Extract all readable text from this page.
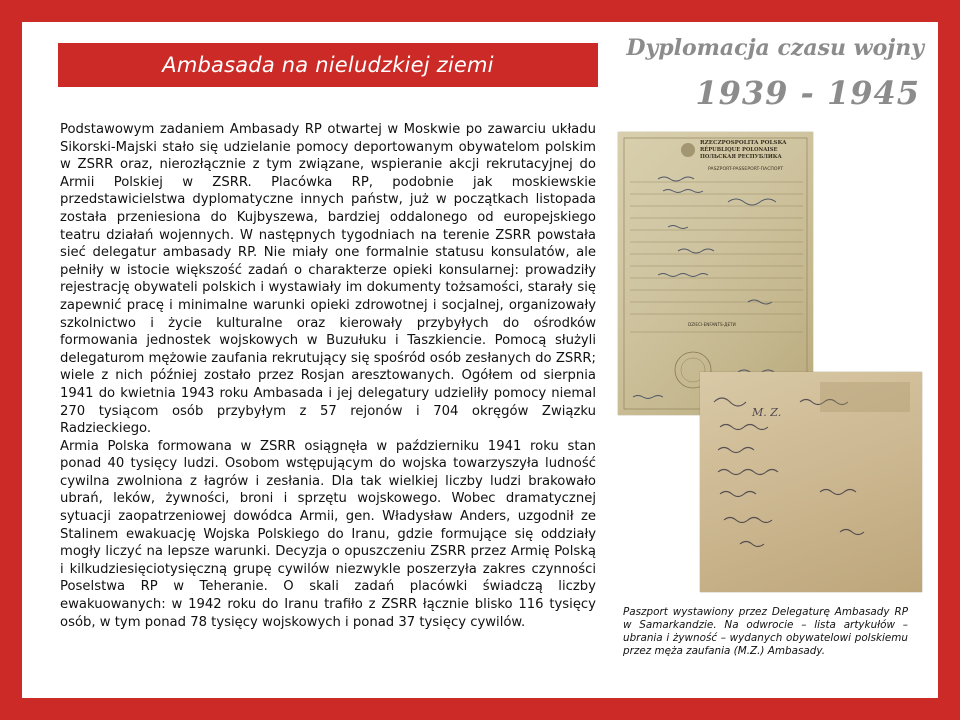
Ambasada na nieludzkiej ziemi
Dyplomacja czasu wojny
1939 - 1945

Podstawowym zadaniem Ambasady RP otwartej w Moskwie po zawarciu układu Sikorski-Majski stało się udzielanie pomocy deportowanym obywatelom polskim w ZSRR oraz, nierozłącznie z tym związane, wspieranie akcji rekrutacyjnej do Armii Polskiej w ZSRR. Placówka RP, podobnie jak moskiewskie przedstawicielstwa dyplomatyczne innych państw, już w początkach listopada została przeniesiona do Kujbyszewa, bardziej oddalonego od europejskiego teatru działań wojennych. W następnych tygodniach na terenie ZSRR powstała sieć delegatur ambasady RP. Nie miały one formalnie statusu konsulatów, ale pełniły w istocie większość zadań o charakterze opieki konsularnej: prowadziły rejestrację obywateli polskich i wystawiały im dokumenty tożsamości, starały się zapewnić pracę i minimalne warunki opieki zdrowotnej i socjalnej, organizowały szkolnictwo i życie kulturalne oraz kierowały przybyłych do ośrodków formowania jednostek wojskowych w Buzułuku i Taszkiencie. Pomocą służyli delegaturom mężowie zaufania rekrutujący się spośród osób zesłanych do ZSRR; wiele z nich później zostało przez Rosjan aresztowanych. Ogółem od sierpnia 1941 do kwietnia 1943 roku Ambasada i jej delegatury udzieliły pomocy niemal 270 tysiącom osób przybyłym z 57 rejonów i 704 okręgów Związku Radzieckiego.

Armia Polska formowana w ZSRR osiągnęła w październiku 1941 roku stan ponad 40 tysięcy ludzi. Osobom wstępującym do wojska towarzyszyła ludność cywilna zwolniona z łagrów i zesłania. Dla tak wielkiej liczby ludzi brakowało ubrań, leków, żywności, broni i sprzętu wojskowego. Wobec dramatycznej sytuacji zaopatrzeniowej dowódca Armii, gen. Władysław Anders, uzgodnił ze Stalinem ewakuację Wojska Polskiego do Iranu, gdzie formujące się oddziały mogły liczyć na lepsze warunki. Decyzja o opuszczeniu ZSRR przez Armię Polską i kilkudziesięciotysięczną grupę cywilów niezwykle poszerzyła zakres czynności Poselstwa RP w Teheranie. O skali zadań placówki świadczą liczby ewakuowanych: w 1942 roku do Iranu trafiło z ZSRR łącznie blisko 116 tysięcy osób, w tym ponad 78 tysięcy wojskowych i ponad 37 tysięcy cywilów.

RZECZPOSPOLITA POLSKA
RÉPUBLIQUE POLONAISE
ПОЛЬСКАЯ РЕСПУБЛИКА
PASZPORT-PASSEPORT-ПАСПОРТ
DZIECI-ENFANTS-ДЕТИ
M. Z.

Paszport wystawiony przez Delegaturę Ambasady RP w Samarkandzie. Na odwrocie – lista artykułów – ubrania i żywność – wydanych obywatelowi polskiemu przez męża zaufania (M.Z.) Ambasady.
